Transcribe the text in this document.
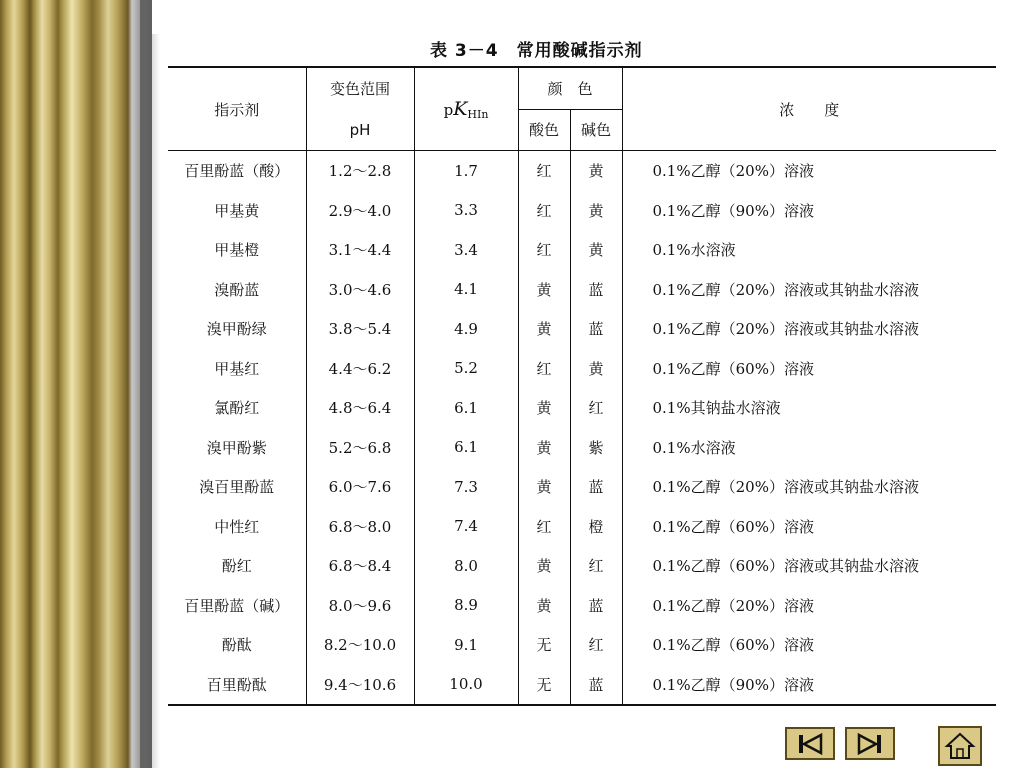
表 3－4　常用酸碱指示剂
指示剂	变色范围	$pK_{HIn}$	颜　色		浓　　度
	pH		酸色	碱色	
百里酚蓝（酸）	1.2～2.8	1.7	红	黄	0.1%乙醇（20%）溶液
甲基黄	2.9～4.0	3.3	红	黄	0.1%乙醇（90%）溶液
甲基橙	3.1～4.4	3.4	红	黄	0.1%水溶液
溴酚蓝	3.0～4.6	4.1	黄	蓝	0.1%乙醇（20%）溶液或其钠盐水溶液
溴甲酚绿	3.8～5.4	4.9	黄	蓝	0.1%乙醇（20%）溶液或其钠盐水溶液
甲基红	4.4～6.2	5.2	红	黄	0.1%乙醇（60%）溶液
氯酚红	4.8～6.4	6.1	黄	红	0.1%其钠盐水溶液
溴甲酚紫	5.2～6.8	6.1	黄	紫	0.1%水溶液
溴百里酚蓝	6.0～7.6	7.3	黄	蓝	0.1%乙醇（20%）溶液或其钠盐水溶液
中性红	6.8～8.0	7.4	红	橙	0.1%乙醇（60%）溶液
酚红	6.8～8.4	8.0	黄	红	0.1%乙醇（60%）溶液或其钠盐水溶液
百里酚蓝（碱）	8.0～9.6	8.9	黄	蓝	0.1%乙醇（20%）溶液
酚酞	8.2～10.0	9.1	无	红	0.1%乙醇（60%）溶液
百里酚酞	9.4～10.6	10.0	无	蓝	0.1%乙醇（90%）溶液
